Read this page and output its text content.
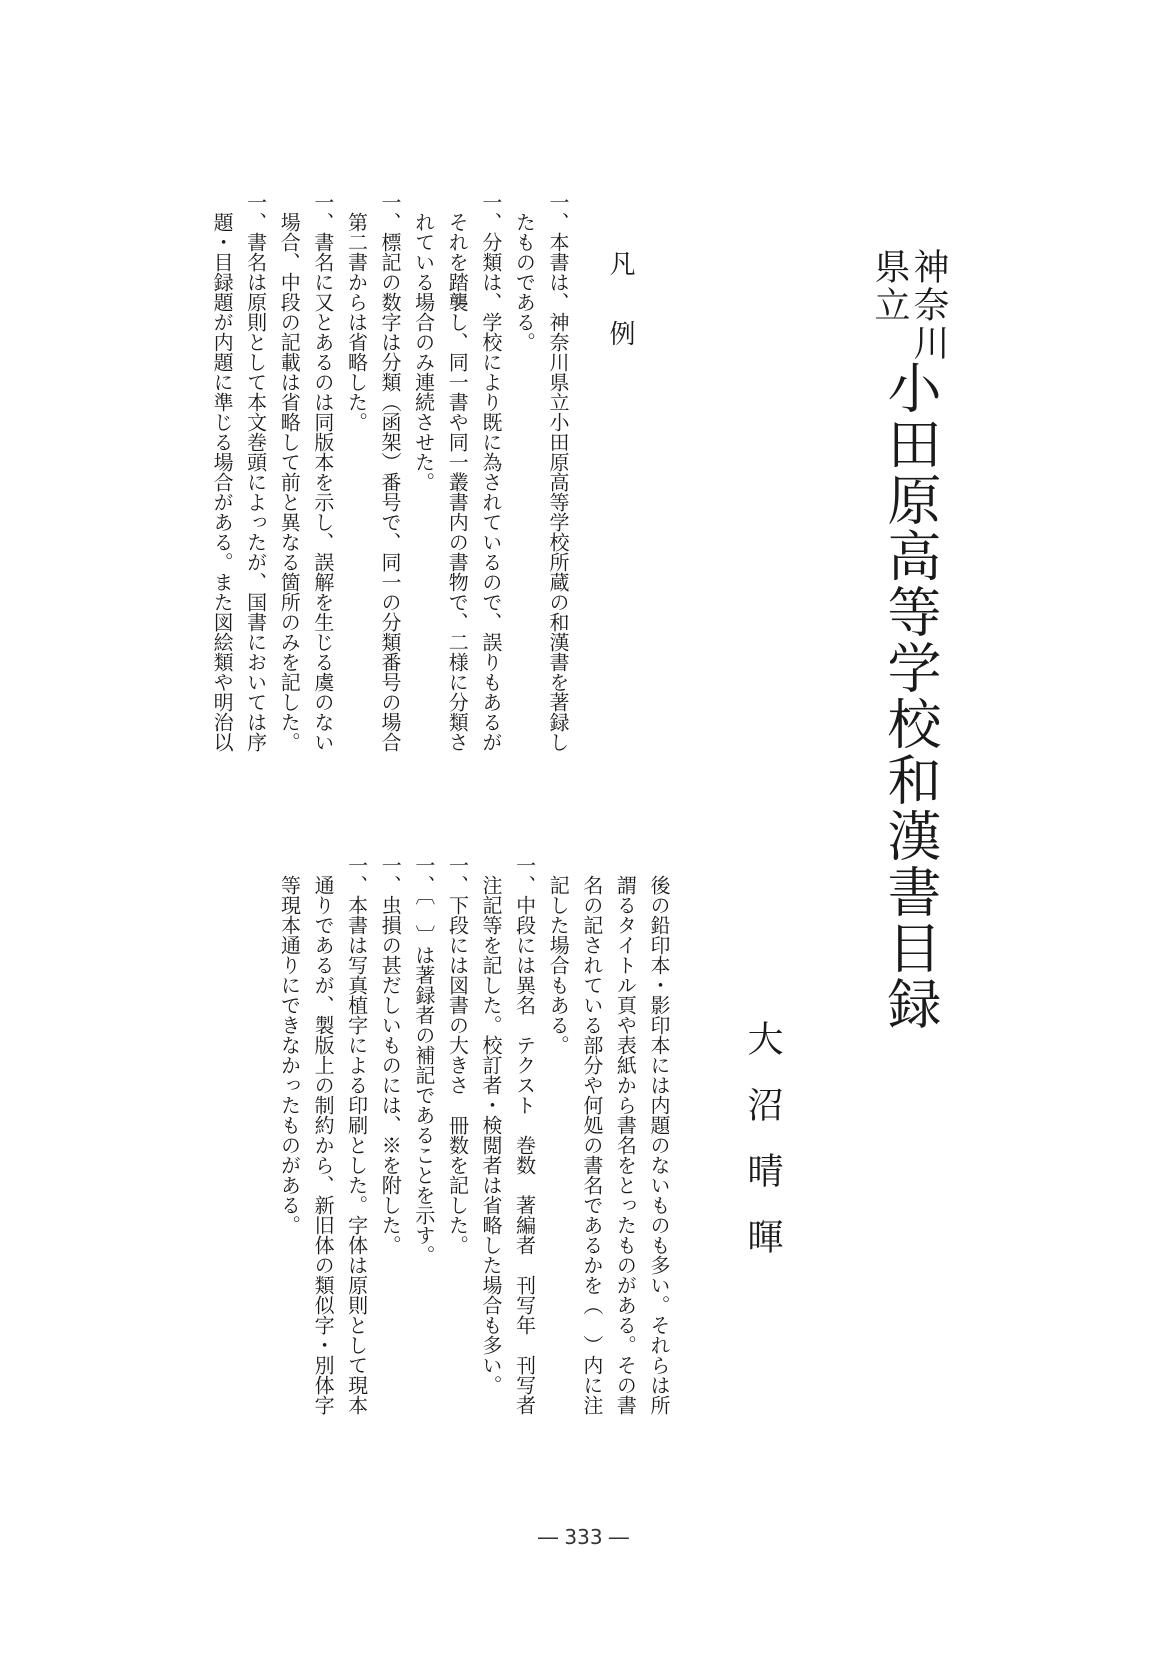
神奈川
県立
小田原高等学校和漢書目録
大沼晴暉
凡例
一、本書は、神奈川県立小田原高等学校所蔵の和漢書を著録し
たものである。
一、分類は、学校により既に為されているので、誤りもあるが
それを踏襲し、同一書や同一叢書内の書物で、二様に分類さ
れている場合のみ連続させた。
一、標記の数字は分類（函架）番号で、同一の分類番号の場合
第二書からは省略した。
一、書名に又とあるのは同版本を示し、誤解を生じる虞のない
場合、中段の記載は省略して前と異なる箇所のみを記した。
一、書名は原則として本文巻頭によったが、国書においては序
題・目録題が内題に準じる場合がある。また図絵類や明治以
後の鉛印本・影印本には内題のないものも多い。それらは所
謂るタイトル頁や表紙から書名をとったものがある。その書
名の記されている部分や何処の書名であるかを（　）内に注
記した場合もある。
一、中段には異名　テクスト　巻数　著編者　刊写年　刊写者
注記等を記した。校訂者・検閲者は省略した場合も多い。
一、下段には図書の大きさ　冊数を記した。
一、〔　〕は著録者の補記であることを示す。
一、虫損の甚だしいものには、※を附した。
一、本書は写真植字による印刷とした。字体は原則として現本
通りであるが、製版上の制約から、新旧体の類似字・別体字
等現本通りにできなかったものがある。
― 333 ―
